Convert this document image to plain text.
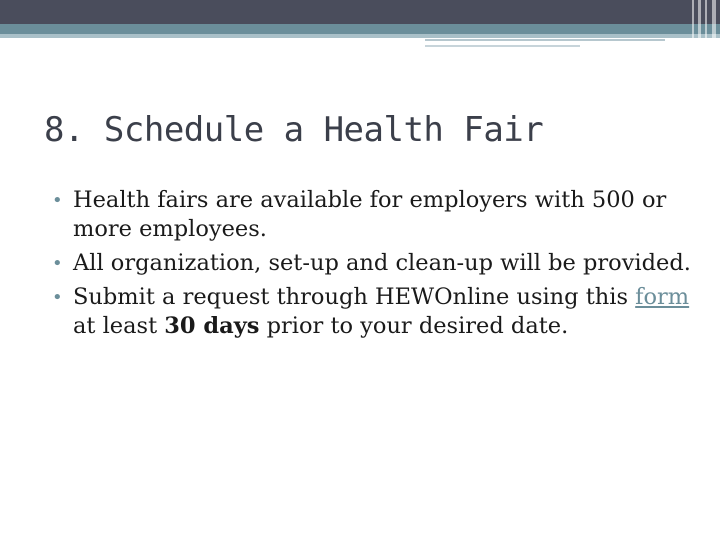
8. Schedule a Health Fair
• Health fairs are available for employers with 500 or more employees.
• All organization, set-up and clean-up will be provided.
• Submit a request through HEWOnline using this form at least 30 days prior to your desired date.
